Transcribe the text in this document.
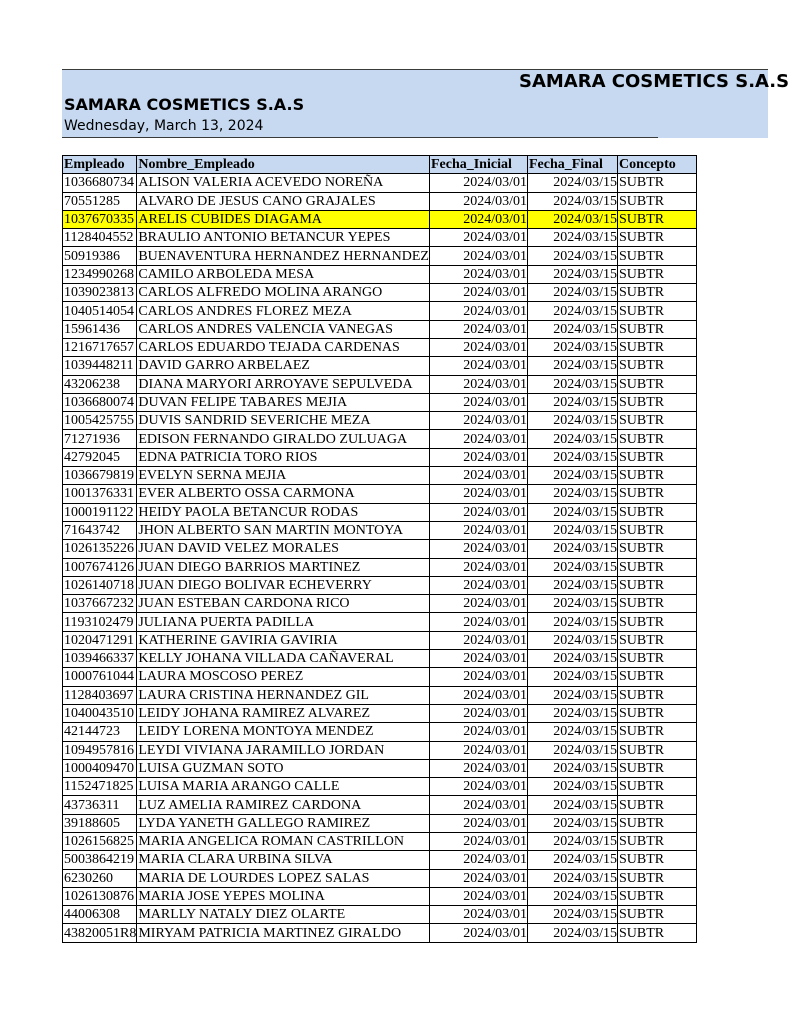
SAMARA COSMETICS S.A.S
SAMARA COSMETICS S.A.S
Wednesday, March 13, 2024
Empleado	Nombre_Empleado	Fecha_Inicial	Fecha_Final	Concepto
1036680734	ALISON VALERIA ACEVEDO NOREÑA	2024/03/01	2024/03/15	SUBTR
70551285	ALVARO DE JESUS CANO GRAJALES	2024/03/01	2024/03/15	SUBTR
1037670335	ARELIS CUBIDES DIAGAMA	2024/03/01	2024/03/15	SUBTR
1128404552	BRAULIO ANTONIO BETANCUR YEPES	2024/03/01	2024/03/15	SUBTR
50919386	BUENAVENTURA HERNANDEZ HERNANDEZ	2024/03/01	2024/03/15	SUBTR
1234990268	CAMILO ARBOLEDA MESA	2024/03/01	2024/03/15	SUBTR
1039023813	CARLOS ALFREDO MOLINA ARANGO	2024/03/01	2024/03/15	SUBTR
1040514054	CARLOS ANDRES FLOREZ MEZA	2024/03/01	2024/03/15	SUBTR
15961436	CARLOS ANDRES VALENCIA VANEGAS	2024/03/01	2024/03/15	SUBTR
1216717657	CARLOS EDUARDO TEJADA CARDENAS	2024/03/01	2024/03/15	SUBTR
1039448211	DAVID GARRO ARBELAEZ	2024/03/01	2024/03/15	SUBTR
43206238	DIANA MARYORI ARROYAVE SEPULVEDA	2024/03/01	2024/03/15	SUBTR
1036680074	DUVAN FELIPE TABARES MEJIA	2024/03/01	2024/03/15	SUBTR
1005425755	DUVIS SANDRID SEVERICHE MEZA	2024/03/01	2024/03/15	SUBTR
71271936	EDISON FERNANDO GIRALDO ZULUAGA	2024/03/01	2024/03/15	SUBTR
42792045	EDNA PATRICIA TORO RIOS	2024/03/01	2024/03/15	SUBTR
1036679819	EVELYN SERNA MEJIA	2024/03/01	2024/03/15	SUBTR
1001376331	EVER ALBERTO OSSA CARMONA	2024/03/01	2024/03/15	SUBTR
1000191122	HEIDY PAOLA BETANCUR RODAS	2024/03/01	2024/03/15	SUBTR
71643742	JHON ALBERTO SAN MARTIN MONTOYA	2024/03/01	2024/03/15	SUBTR
1026135226	JUAN DAVID VELEZ MORALES	2024/03/01	2024/03/15	SUBTR
1007674126	JUAN DIEGO BARRIOS MARTINEZ	2024/03/01	2024/03/15	SUBTR
1026140718	JUAN DIEGO BOLIVAR ECHEVERRY	2024/03/01	2024/03/15	SUBTR
1037667232	JUAN ESTEBAN CARDONA RICO	2024/03/01	2024/03/15	SUBTR
1193102479	JULIANA PUERTA PADILLA	2024/03/01	2024/03/15	SUBTR
1020471291	KATHERINE GAVIRIA GAVIRIA	2024/03/01	2024/03/15	SUBTR
1039466337	KELLY JOHANA VILLADA CAÑAVERAL	2024/03/01	2024/03/15	SUBTR
1000761044	LAURA MOSCOSO PEREZ	2024/03/01	2024/03/15	SUBTR
1128403697	LAURA CRISTINA HERNANDEZ GIL	2024/03/01	2024/03/15	SUBTR
1040043510	LEIDY JOHANA RAMIREZ ALVAREZ	2024/03/01	2024/03/15	SUBTR
42144723	LEIDY LORENA MONTOYA MENDEZ	2024/03/01	2024/03/15	SUBTR
1094957816	LEYDI VIVIANA JARAMILLO JORDAN	2024/03/01	2024/03/15	SUBTR
1000409470	LUISA GUZMAN SOTO	2024/03/01	2024/03/15	SUBTR
1152471825	LUISA MARIA ARANGO CALLE	2024/03/01	2024/03/15	SUBTR
43736311	LUZ AMELIA RAMIREZ CARDONA	2024/03/01	2024/03/15	SUBTR
39188605	LYDA YANETH GALLEGO RAMIREZ	2024/03/01	2024/03/15	SUBTR
1026156825	MARIA ANGELICA ROMAN CASTRILLON	2024/03/01	2024/03/15	SUBTR
5003864219	MARIA CLARA URBINA SILVA	2024/03/01	2024/03/15	SUBTR
6230260	MARIA DE LOURDES LOPEZ SALAS	2024/03/01	2024/03/15	SUBTR
1026130876	MARIA JOSE YEPES MOLINA	2024/03/01	2024/03/15	SUBTR
44006308	MARLLY NATALY DIEZ OLARTE	2024/03/01	2024/03/15	SUBTR
43820051R8	MIRYAM PATRICIA MARTINEZ GIRALDO	2024/03/01	2024/03/15	SUBTR
